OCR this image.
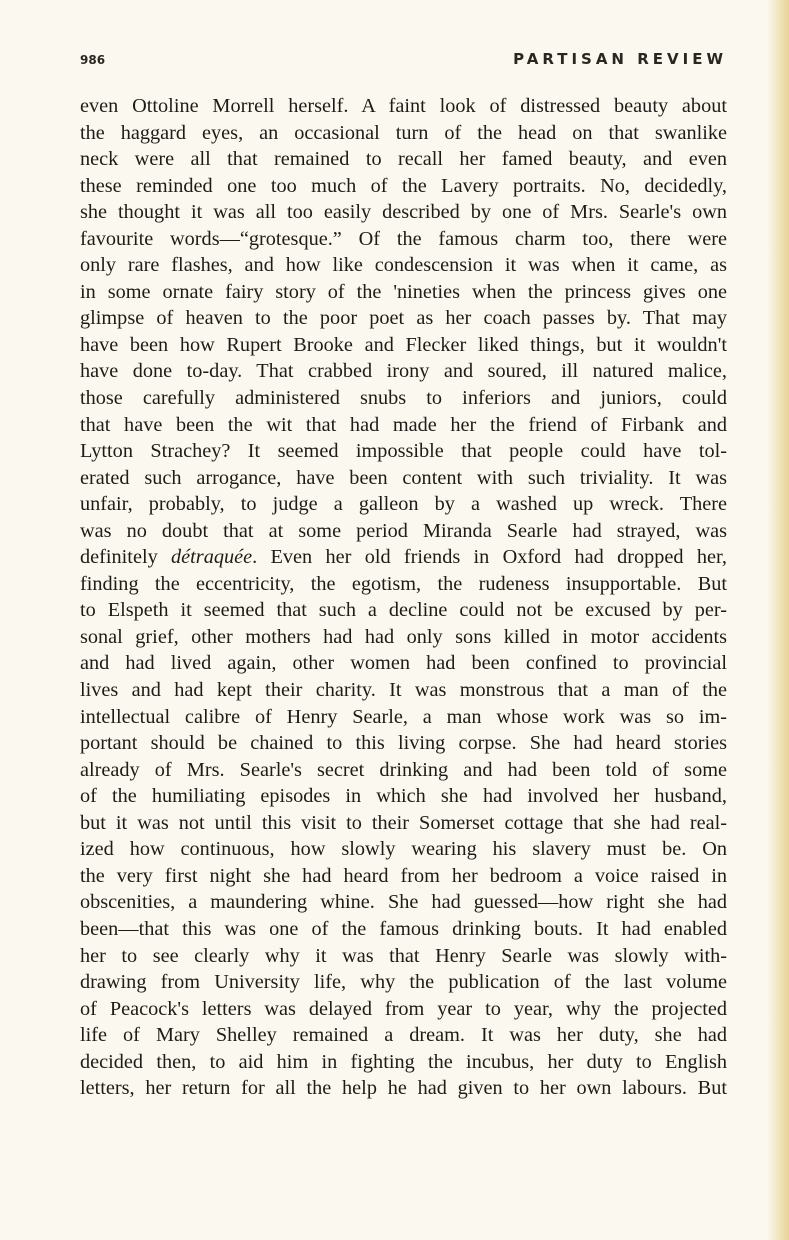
986	PARTISAN REVIEW
even Ottoline Morrell herself. A faint look of distressed beauty about
the haggard eyes, an occasional turn of the head on that swanlike
neck were all that remained to recall her famed beauty, and even
these reminded one too much of the Lavery portraits. No, decidedly,
she thought it was all too easily described by one of Mrs. Searle's own
favourite words—“grotesque.” Of the famous charm too, there were
only rare flashes, and how like condescension it was when it came, as
in some ornate fairy story of the 'nineties when the princess gives one
glimpse of heaven to the poor poet as her coach passes by. That may
have been how Rupert Brooke and Flecker liked things, but it wouldn't
have done to-day. That crabbed irony and soured, ill natured malice,
those carefully administered snubs to inferiors and juniors, could
that have been the wit that had made her the friend of Firbank and
Lytton Strachey? It seemed impossible that people could have tol-
erated such arrogance, have been content with such triviality. It was
unfair, probably, to judge a galleon by a washed up wreck. There
was no doubt that at some period Miranda Searle had strayed, was
definitely détraquée. Even her old friends in Oxford had dropped her,
finding the eccentricity, the egotism, the rudeness insupportable. But
to Elspeth it seemed that such a decline could not be excused by per-
sonal grief, other mothers had had only sons killed in motor accidents
and had lived again, other women had been confined to provincial
lives and had kept their charity. It was monstrous that a man of the
intellectual calibre of Henry Searle, a man whose work was so im-
portant should be chained to this living corpse. She had heard stories
already of Mrs. Searle's secret drinking and had been told of some
of the humiliating episodes in which she had involved her husband,
but it was not until this visit to their Somerset cottage that she had real-
ized how continuous, how slowly wearing his slavery must be. On
the very first night she had heard from her bedroom a voice raised in
obscenities, a maundering whine. She had guessed—how right she had
been—that this was one of the famous drinking bouts. It had enabled
her to see clearly why it was that Henry Searle was slowly with-
drawing from University life, why the publication of the last volume
of Peacock's letters was delayed from year to year, why the projected
life of Mary Shelley remained a dream. It was her duty, she had
decided then, to aid him in fighting the incubus, her duty to English
letters, her return for all the help he had given to her own labours. But
